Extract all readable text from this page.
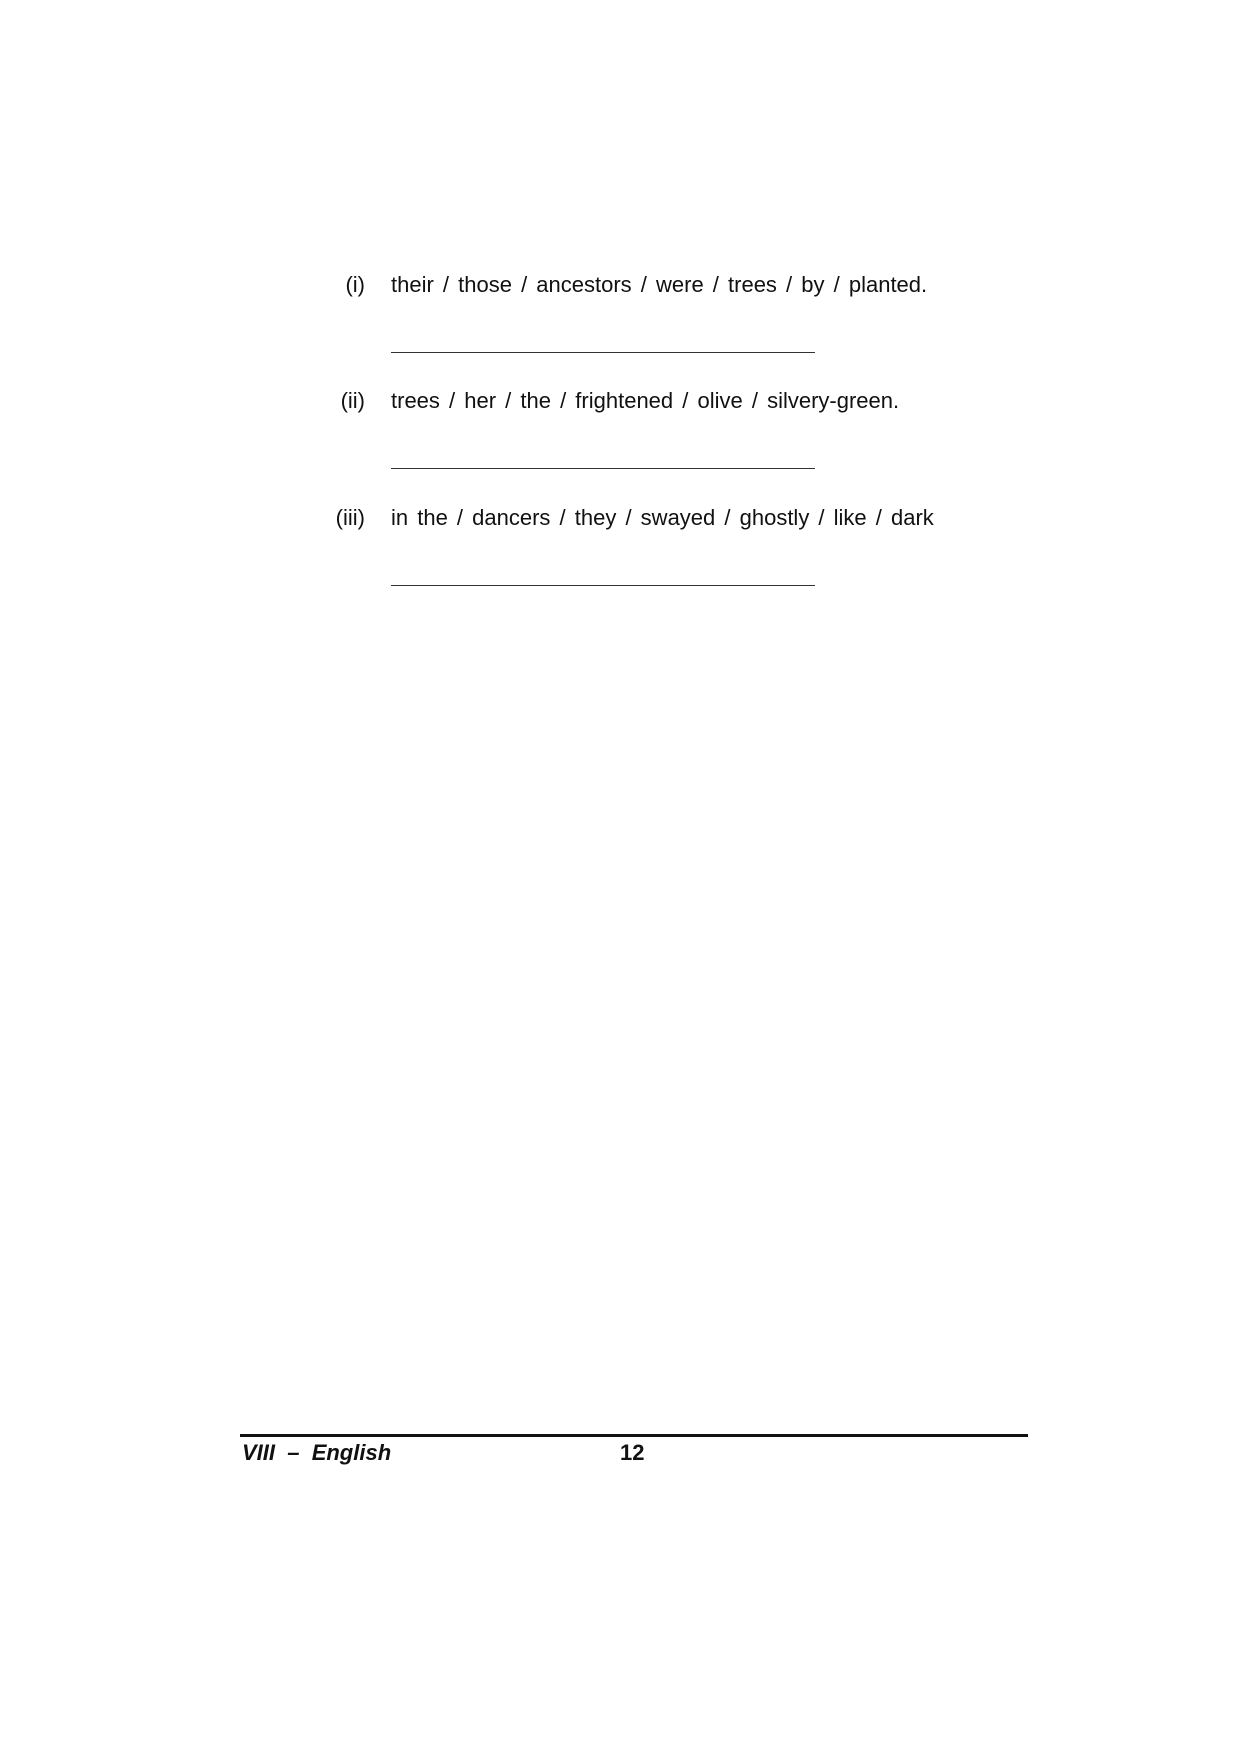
(i) their / those / ancestors / were / trees / by / planted.
(ii) trees / her / the / frightened / olive / silvery-green.
(iii) in the / dancers / they / swayed / ghostly / like / dark
VIII  –  English	12
